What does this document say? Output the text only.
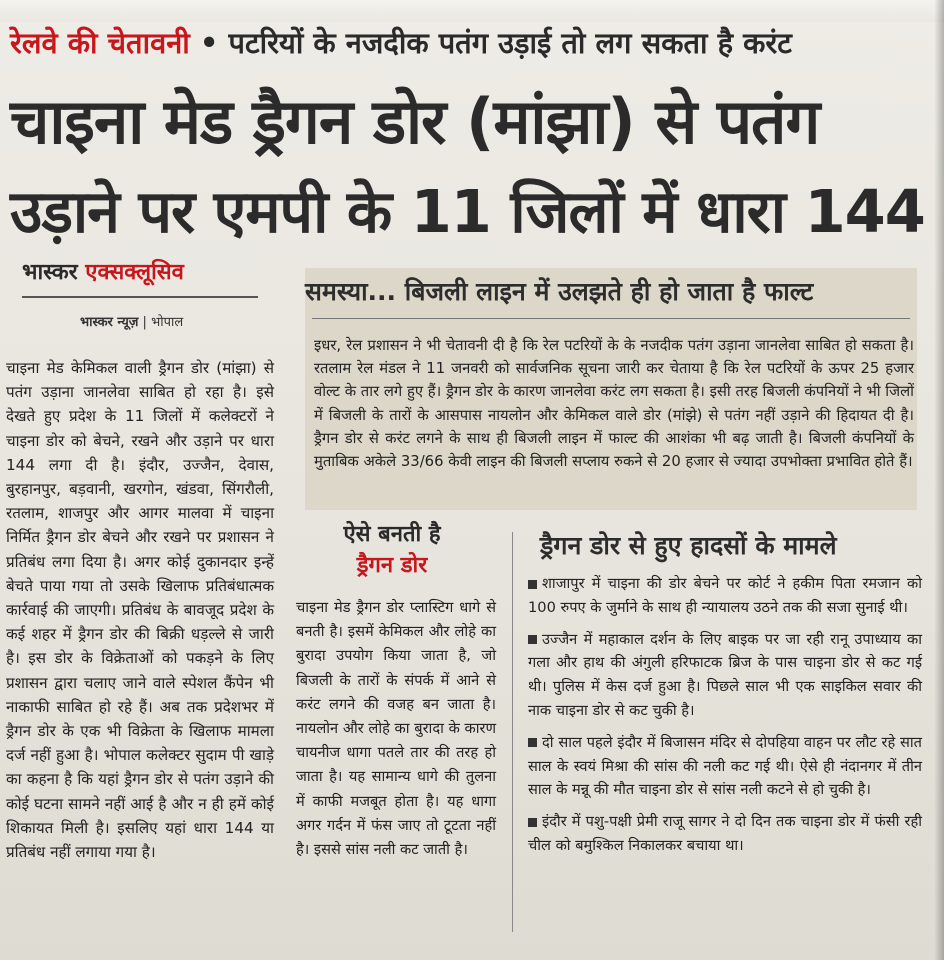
रेलवे की चेतावनी • पटरियों के नजदीक पतंग उड़ाई तो लग सकता है करंट
चाइना मेड ड्रैगन डोर (मांझा) से पतंग
उड़ाने पर एमपी के 11 जिलों में धारा 144
भास्कर एक्सक्लूसिव
भास्कर न्यूज़ | भोपाल
चाइना मेड केमिकल वाली ड्रैगन डोर (मांझा) से पतंग उड़ाना जानलेवा साबित हो रहा है। इसे देखते हुए प्रदेश के 11 जिलों में कलेक्टरों ने चाइना डोर को बेचने, रखने और उड़ाने पर धारा 144 लगा दी है। इंदौर, उज्जैन, देवास, बुरहानपुर, बड़वानी, खरगोन, खंडवा, सिंगरौली, रतलाम, शाजपुर और आगर मालवा में चाइना निर्मित ड्रैगन डोर बेचने और रखने पर प्रशासन ने प्रतिबंध लगा दिया है। अगर कोई दुकानदार इन्हें बेचते पाया गया तो उसके खिलाफ प्रतिबंधात्मक कार्रवाई की जाएगी। प्रतिबंध के बावजूद प्रदेश के कई शहर में ड्रैगन डोर की बिक्री धड़ल्ले से जारी है। इस डोर के विक्रेताओं को पकड़ने के लिए प्रशासन द्वारा चलाए जाने वाले स्पेशल कैंपेन भी नाकाफी साबित हो रहे हैं। अब तक प्रदेशभर में ड्रैगन डोर के एक भी विक्रेता के खिलाफ मामला दर्ज नहीं हुआ है। भोपाल कलेक्टर सुदाम पी खाड़े का कहना है कि यहां ड्रैगन डोर से पतंग उड़ाने की कोई घटना सामने नहीं आई है और न ही हमें कोई शिकायत मिली है। इसलिए यहां धारा 144 या प्रतिबंध नहीं लगाया गया है।
समस्या... बिजली लाइन में उलझते ही हो जाता है फाल्ट
इधर, रेल प्रशासन ने भी चेतावनी दी है कि रेल पटरियों के के नजदीक पतंग उड़ाना जानलेवा साबित हो सकता है। रतलाम रेल मंडल ने 11 जनवरी को सार्वजनिक सूचना जारी कर चेताया है कि रेल पटरियों के ऊपर 25 हजार वोल्ट के तार लगे हुए हैं। ड्रैगन डोर के कारण जानलेवा करंट लग सकता है। इसी तरह बिजली कंपनियों ने भी जिलों में बिजली के तारों के आसपास नायलोन और केमिकल वाले डोर (मांझे) से पतंग नहीं उड़ाने की हिदायत दी है। ड्रैगन डोर से करंट लगने के साथ ही बिजली लाइन में फाल्ट की आशंका भी बढ़ जाती है। बिजली कंपनियों के मुताबिक अकेले 33/66 केवी लाइन की बिजली सप्लाय रुकने से 20 हजार से ज्यादा उपभोक्ता प्रभावित होते हैं।
ऐसे बनती है
ड्रैगन डोर
चाइना मेड ड्रैगन डोर प्लास्टिग धागे से बनती है। इसमें केमिकल और लोहे का बुरादा उपयोग किया जाता है, जो बिजली के तारों के संपर्क में आने से करंट लगने की वजह बन जाता है। नायलोन और लोहे का बुरादा के कारण चायनीज धागा पतले तार की तरह हो जाता है। यह सामान्य धागे की तुलना में काफी मजबूत होता है। यह धागा अगर गर्दन में फंस जाए तो टूटता नहीं है। इससे सांस नली कट जाती है।
ड्रैगन डोर से हुए हादसों के मामले
शाजापुर में चाइना की डोर बेचने पर कोर्ट ने हकीम पिता रमजान को 100 रुपए के जुर्माने के साथ ही न्यायालय उठने तक की सजा सुनाई थी।
उज्जैन में महाकाल दर्शन के लिए बाइक पर जा रही रानू उपाध्याय का गला और हाथ की अंगुली हरिफाटक ब्रिज के पास चाइना डोर से कट गई थी। पुलिस में केस दर्ज हुआ है। पिछले साल भी एक साइकिल सवार की नाक चाइना डोर से कट चुकी है।
दो साल पहले इंदौर में बिजासन मंदिर से दोपहिया वाहन पर लौट रहे सात साल के स्वयं मिश्रा की सांस की नली कट गई थी। ऐसे ही नंदानगर में तीन साल के मन्नू की मौत चाइना डोर से सांस नली कटने से हो चुकी है।
इंदौर में पशु-पक्षी प्रेमी राजू सागर ने दो दिन तक चाइना डोर में फंसी रही चील को बमुश्किल निकालकर बचाया था।
